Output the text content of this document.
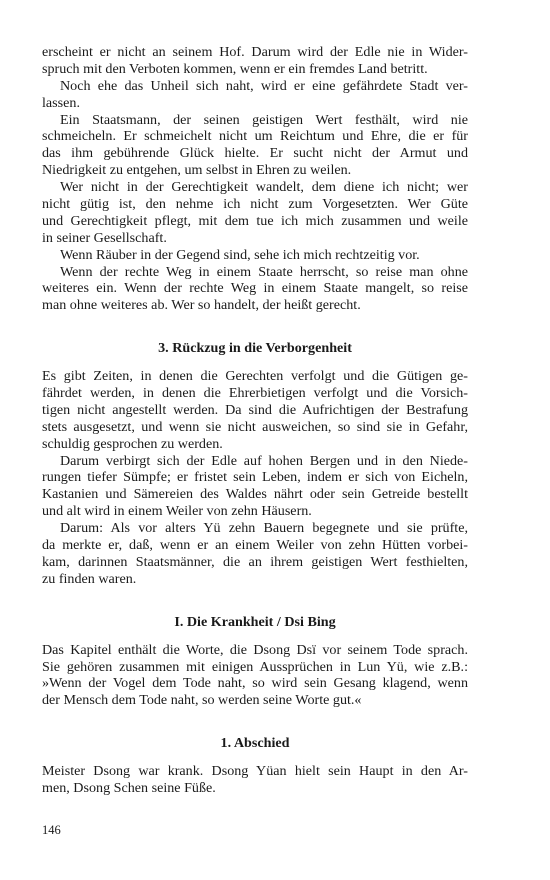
erscheint er nicht an seinem Hof. Darum wird der Edle nie in Wider-
spruch mit den Verboten kommen, wenn er ein fremdes Land betritt.
Noch ehe das Unheil sich naht, wird er eine gefährdete Stadt ver-
lassen.
Ein Staatsmann, der seinen geistigen Wert festhält, wird nie
schmeicheln. Er schmeichelt nicht um Reichtum und Ehre, die er für
das ihm gebührende Glück hielte. Er sucht nicht der Armut und
Niedrigkeit zu entgehen, um selbst in Ehren zu weilen.
Wer nicht in der Gerechtigkeit wandelt, dem diene ich nicht; wer
nicht gütig ist, den nehme ich nicht zum Vorgesetzten. Wer Güte
und Gerechtigkeit pflegt, mit dem tue ich mich zusammen und weile
in seiner Gesellschaft.
Wenn Räuber in der Gegend sind, sehe ich mich rechtzeitig vor.
Wenn der rechte Weg in einem Staate herrscht, so reise man ohne
weiteres ein. Wenn der rechte Weg in einem Staate mangelt, so reise
man ohne weiteres ab. Wer so handelt, der heißt gerecht.
3. Rückzug in die Verborgenheit
Es gibt Zeiten, in denen die Gerechten verfolgt und die Gütigen ge-
fährdet werden, in denen die Ehrerbietigen verfolgt und die Vorsich-
tigen nicht angestellt werden. Da sind die Aufrichtigen der Bestrafung
stets ausgesetzt, und wenn sie nicht ausweichen, so sind sie in Gefahr,
schuldig gesprochen zu werden.
Darum verbirgt sich der Edle auf hohen Bergen und in den Niede-
rungen tiefer Sümpfe; er fristet sein Leben, indem er sich von Eicheln,
Kastanien und Sämereien des Waldes nährt oder sein Getreide bestellt
und alt wird in einem Weiler von zehn Häusern.
Darum: Als vor alters Yü zehn Bauern begegnete und sie prüfte,
da merkte er, daß, wenn er an einem Weiler von zehn Hütten vorbei-
kam, darinnen Staatsmänner, die an ihrem geistigen Wert festhielten,
zu finden waren.
I. Die Krankheit / Dsi Bing
Das Kapitel enthält die Worte, die Dsong Dsï vor seinem Tode sprach.
Sie gehören zusammen mit einigen Aussprüchen in Lun Yü, wie z.B.:
»Wenn der Vogel dem Tode naht, so wird sein Gesang klagend, wenn
der Mensch dem Tode naht, so werden seine Worte gut.«
1. Abschied
Meister Dsong war krank. Dsong Yüan hielt sein Haupt in den Ar-
men, Dsong Schen seine Füße.
146
